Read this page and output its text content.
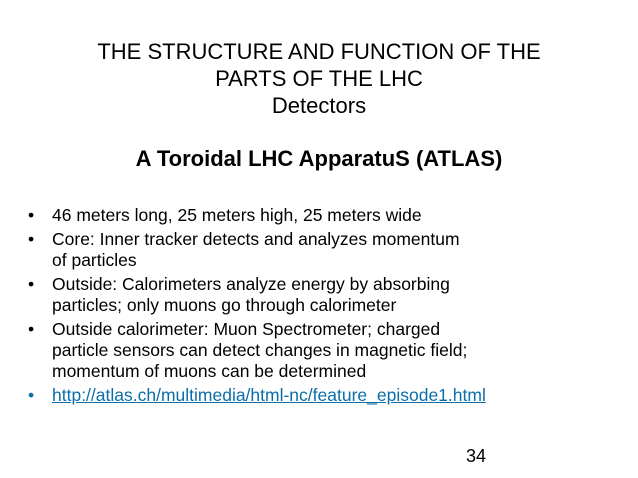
THE STRUCTURE AND FUNCTION OF THE
PARTS OF THE LHC
Detectors
A Toroidal LHC ApparatuS (ATLAS)
•	46 meters long, 25 meters high, 25 meters wide
•	Core: Inner tracker detects and analyzes momentum
of particles
•	Outside: Calorimeters analyze energy by absorbing
particles; only muons go through calorimeter
•	Outside calorimeter: Muon Spectrometer; charged
particle sensors can detect changes in magnetic field;
momentum of muons can be determined
•	http://atlas.ch/multimedia/html-nc/feature_episode1.html
34
